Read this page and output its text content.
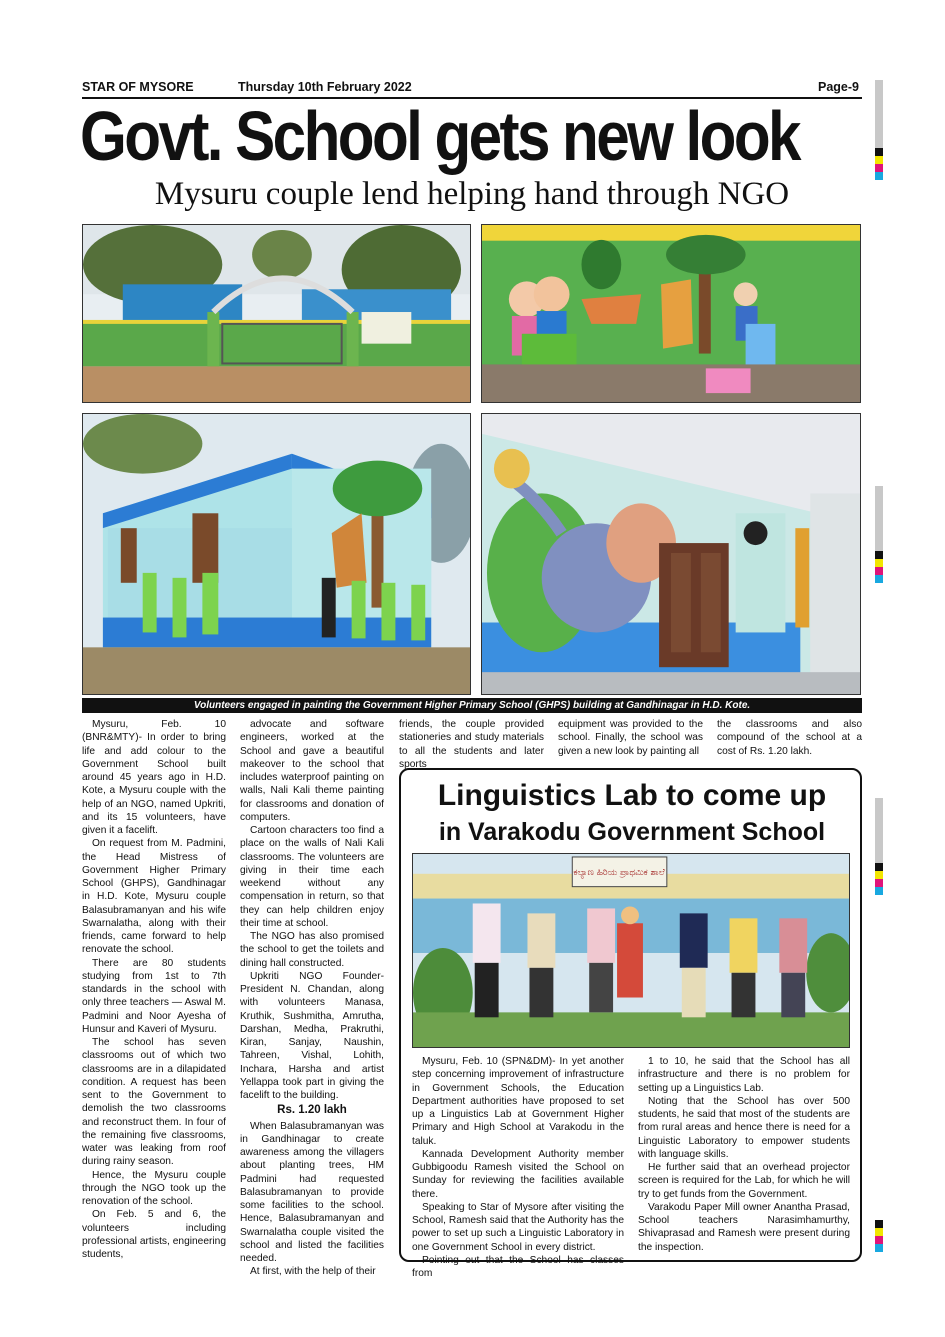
STAR OF MYSORE	Thursday 10th February 2022	Page-9
Govt. School gets new look
Mysuru couple lend helping hand through NGO
Volunteers engaged in painting the Government Higher Primary School (GHPS) building at Gandhinagar in H.D. Kote.

Mysuru, Feb. 10 (BNR&MTY)- In order to bring life and add colour to the Government School built around 45 years ago in H.D. Kote, a Mysuru couple with the help of an NGO, named Upkriti, and its 15 volunteers, have given it a facelift.

On request from M. Padmini, the Head Mistress of Government Higher Primary School (GHPS), Gandhinagar in H.D. Kote, Mysuru couple Balasubramanyan and his wife Swarnalatha, along with their friends, came forward to help renovate the school.

There are 80 students studying from 1st to 7th standards in the school with only three teachers — Aswal M. Padmini and Noor Ayesha of Hunsur and Kaveri of Mysuru.

The school has seven classrooms out of which two classrooms are in a dilapidated condition. A request has been sent to the Government to demolish the two classrooms and reconstruct them. In four of the remaining five classrooms, water was leaking from roof during rainy season.

Hence, the Mysuru couple through the NGO took up the renovation of the school.

On Feb. 5 and 6, the volunteers including professional artists, engineering students,

advocate and software engineers, worked at the School and gave a beautiful makeover to the school that includes waterproof painting on walls, Nali Kali theme painting for classrooms and donation of computers.

Cartoon characters too find a place on the walls of Nali Kali classrooms. The volunteers are giving in their time each weekend without any compensation in return, so that they can help children enjoy their time at school.

The NGO has also promised the school to get the toilets and dining hall constructed.

Upkriti NGO Founder-President N. Chandan, along with volunteers Manasa, Kruthik, Sushmitha, Amrutha, Darshan, Medha, Prakruthi, Kiran, Sanjay, Naushin, Tahreen, Vishal, Lohith, Inchara, Harsha and artist Yellappa took part in giving the facelift to the building.

Rs. 1.20 lakh

When Balasubramanyan was in Gandhinagar to create awareness among the villagers about planting trees, HM Padmini had requested Balasubramanyan to provide some facilities to the school. Hence, Balasubramanyan and Swarnalatha couple visited the school and listed the facilities needed.

At first, with the help of their

friends, the couple provided stationeries and study materials to all the students and later sports

equipment was provided to the school. Finally, the school was given a new look by painting all

the classrooms and also compound of the school at a cost of Rs. 1.20 lakh.

Linguistics Lab to come up
in Varakodu Government School
ಕಲ್ಯಾಣ ಹಿರಿಯ ಪ್ರಾಥಮಿಕ ಶಾಲೆ

Mysuru, Feb. 10 (SPN&DM)- In yet another step concerning improvement of infrastructure in Government Schools, the Education Department authorities have proposed to set up a Linguistics Lab at Government Higher Primary and High School at Varakodu in the taluk.

Kannada Development Authority member Gubbigoodu Ramesh visited the School on Sunday for reviewing the facilities available there.

Speaking to Star of Mysore after visiting the School, Ramesh said that the Authority has the power to set up such a Linguistic Laboratory in one Government School in every district.

Pointing out that the School has classes from

1 to 10, he said that the School has all infrastructure and there is no problem for setting up a Linguistics Lab.

Noting that the School has over 500 students, he said that most of the students are from rural areas and hence there is need for a Linguistic Laboratory to empower students with language skills.

He further said that an overhead projector screen is required for the Lab, for which he will try to get funds from the Government.

Varakodu Paper Mill owner Anantha Prasad, School teachers Narasimhamurthy, Shivaprasad and Ramesh were present during the inspection.
